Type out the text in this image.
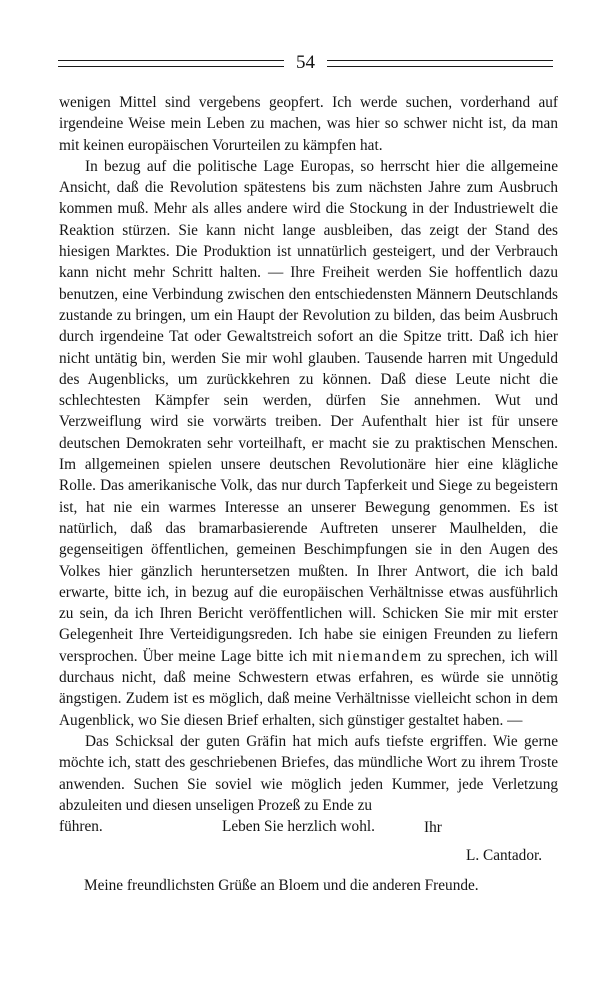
54

wenigen Mittel sind vergebens geopfert. Ich werde suchen, vorderhand auf irgendeine Weise mein Leben zu machen, was hier so schwer nicht ist, da man mit keinen europäischen Vorurteilen zu kämpfen hat.

In bezug auf die politische Lage Europas, so herrscht hier die allgemeine Ansicht, daß die Revolution spätestens bis zum nächsten Jahre zum Ausbruch kommen muß. Mehr als alles andere wird die Stockung in der Industriewelt die Reaktion stürzen. Sie kann nicht lange ausbleiben, das zeigt der Stand des hiesigen Marktes. Die Produktion ist unnatürlich gesteigert, und der Verbrauch kann nicht mehr Schritt halten. — Ihre Freiheit werden Sie hoffentlich dazu benutzen, eine Verbindung zwischen den entschiedensten Männern Deutschlands zustande zu bringen, um ein Haupt der Revolution zu bilden, das beim Ausbruch durch irgendeine Tat oder Gewaltstreich sofort an die Spitze tritt. Daß ich hier nicht untätig bin, werden Sie mir wohl glauben. Tausende harren mit Ungeduld des Augenblicks, um zurückkehren zu können. Daß diese Leute nicht die schlechtesten Kämpfer sein werden, dürfen Sie annehmen. Wut und Verzweiflung wird sie vorwärts treiben. Der Aufenthalt hier ist für unsere deutschen Demokraten sehr vorteilhaft, er macht sie zu praktischen Menschen. Im allgemeinen spielen unsere deutschen Revolutionäre hier eine klägliche Rolle. Das amerikanische Volk, das nur durch Tapferkeit und Siege zu begeistern ist, hat nie ein warmes Interesse an unserer Bewegung genommen. Es ist natürlich, daß das bramarbasierende Auftreten unserer Maulhelden, die gegenseitigen öffentlichen, gemeinen Beschimpfungen sie in den Augen des Volkes hier gänzlich heruntersetzen mußten. In Ihrer Antwort, die ich bald erwarte, bitte ich, in bezug auf die europäischen Verhältnisse etwas ausführlich zu sein, da ich Ihren Bericht veröffentlichen will. Schicken Sie mir mit erster Gelegenheit Ihre Verteidigungsreden. Ich habe sie einigen Freunden zu liefern versprochen. Über meine Lage bitte ich mit niemandem zu sprechen, ich will durchaus nicht, daß meine Schwestern etwas erfahren, es würde sie unnötig ängstigen. Zudem ist es möglich, daß meine Verhältnisse vielleicht schon in dem Augenblick, wo Sie diesen Brief erhalten, sich günstiger gestaltet haben. —

Das Schicksal der guten Gräfin hat mich aufs tiefste ergriffen. Wie gerne möchte ich, statt des geschriebenen Briefes, das mündliche Wort zu ihrem Troste anwenden. Suchen Sie soviel wie möglich jeden Kummer, jede Verletzung abzuleiten und diesen unseligen Prozeß zu Ende zu

führen.	Leben Sie herzlich wohl.
	Ihr
L. Cantador.
Meine freundlichsten Grüße an Bloem und die anderen Freunde.
